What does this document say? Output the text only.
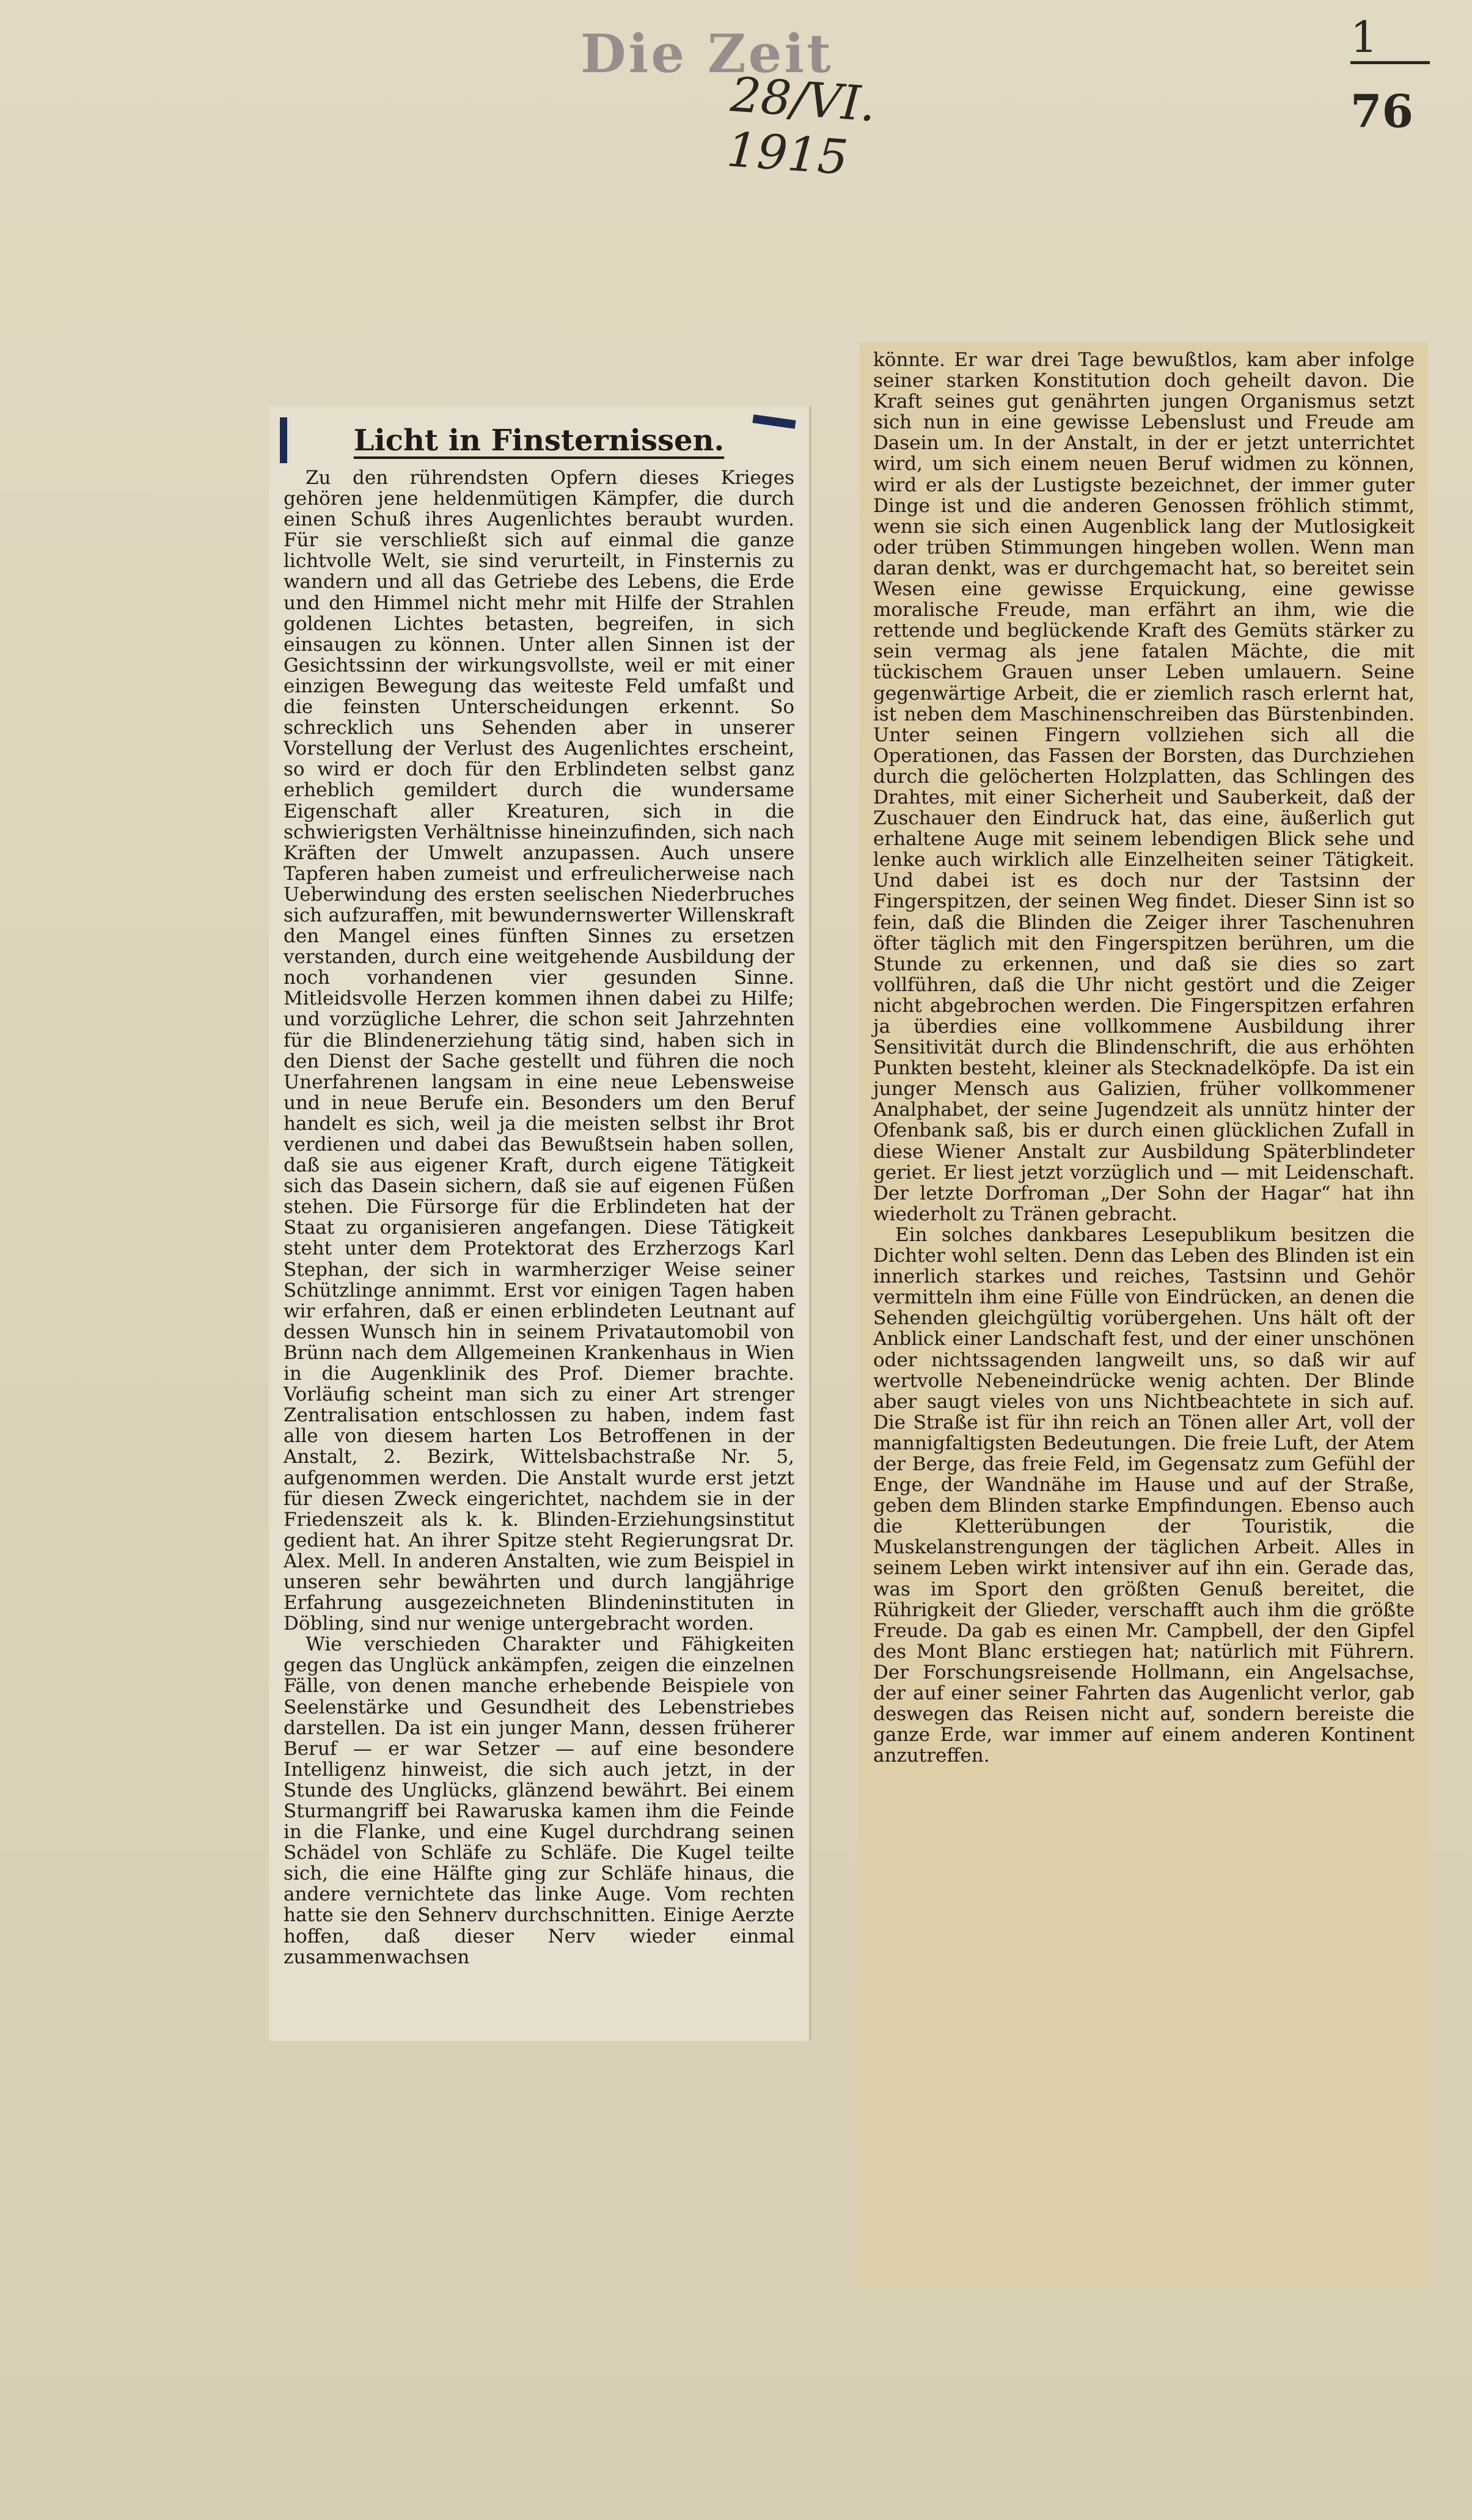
1
Die Zeit
28/VI. 1915
76
Licht in Finsternissen.

Zu den rührendsten Opfern dieses Krieges gehören jene heldenmütigen Kämpfer, die durch einen Schuß ihres Augenlichtes beraubt wurden. Für sie verschließt sich auf einmal die ganze lichtvolle Welt, sie sind verurteilt, in Finsternis zu wandern und all das Getriebe des Lebens, die Erde und den Himmel nicht mehr mit Hilfe der Strahlen goldenen Lichtes betasten, begreifen, in sich einsaugen zu können. Unter allen Sinnen ist der Gesichtssinn der wirkungsvollste, weil er mit einer einzigen Bewegung das weiteste Feld umfaßt und die feinsten Unterscheidungen erkennt. So schrecklich uns Sehenden aber in unserer Vorstellung der Verlust des Augenlichtes erscheint, so wird er doch für den Erblindeten selbst ganz erheblich gemildert durch die wundersame Eigenschaft aller Kreaturen, sich in die schwierigsten Verhältnisse hineinzufinden, sich nach Kräften der Umwelt anzupassen. Auch unsere Tapferen haben zumeist und erfreulicherweise nach Ueberwindung des ersten seelischen Niederbruches sich aufzuraffen, mit bewundernswerter Willenskraft den Mangel eines fünften Sinnes zu ersetzen verstanden, durch eine weitgehende Ausbildung der noch vorhandenen vier gesunden Sinne. Mitleidsvolle Herzen kommen ihnen dabei zu Hilfe; und vorzügliche Lehrer, die schon seit Jahrzehnten für die Blindenerziehung tätig sind, haben sich in den Dienst der Sache gestellt und führen die noch Unerfahrenen langsam in eine neue Lebensweise und in neue Berufe ein. Besonders um den Beruf handelt es sich, weil ja die meisten selbst ihr Brot verdienen und dabei das Bewußtsein haben sollen, daß sie aus eigener Kraft, durch eigene Tätigkeit sich das Dasein sichern, daß sie auf eigenen Füßen stehen. Die Fürsorge für die Erblindeten hat der Staat zu organisieren angefangen. Diese Tätigkeit steht unter dem Protektorat des Erzherzogs Karl Stephan, der sich in warmherziger Weise seiner Schützlinge annimmt. Erst vor einigen Tagen haben wir erfahren, daß er einen erblindeten Leutnant auf dessen Wunsch hin in seinem Privatautomobil von Brünn nach dem Allgemeinen Krankenhaus in Wien in die Augenklinik des Prof. Diemer brachte. Vorläufig scheint man sich zu einer Art strenger Zentralisation entschlossen zu haben, indem fast alle von diesem harten Los Betroffenen in der Anstalt, 2. Bezirk, Wittelsbachstraße Nr. 5, aufgenommen werden. Die Anstalt wurde erst jetzt für diesen Zweck eingerichtet, nachdem sie in der Friedenszeit als k. k. Blinden-Erziehungsinstitut gedient hat. An ihrer Spitze steht Regierungsrat Dr. Alex. Mell. In anderen Anstalten, wie zum Beispiel in unseren sehr bewährten und durch langjährige Erfahrung ausgezeichneten Blindeninstituten in Döbling, sind nur wenige untergebracht worden.

Wie verschieden Charakter und Fähigkeiten gegen das Unglück ankämpfen, zeigen die einzelnen Fälle, von denen manche erhebende Beispiele von Seelenstärke und Gesundheit des Lebenstriebes darstellen. Da ist ein junger Mann, dessen früherer Beruf — er war Setzer — auf eine besondere Intelligenz hinweist, die sich auch jetzt, in der Stunde des Unglücks, glänzend bewährt. Bei einem Sturmangriff bei Rawaruska kamen ihm die Feinde in die Flanke, und eine Kugel durchdrang seinen Schädel von Schläfe zu Schläfe. Die Kugel teilte sich, die eine Hälfte ging zur Schläfe hinaus, die andere vernichtete das linke Auge. Vom rechten hatte sie den Sehnerv durchschnitten. Einige Aerzte hoffen, daß dieser Nerv wieder einmal zusammenwachsen

könnte. Er war drei Tage bewußtlos, kam aber infolge seiner starken Konstitution doch geheilt davon. Die Kraft seines gut genährten jungen Organismus setzt sich nun in eine gewisse Lebenslust und Freude am Dasein um. In der Anstalt, in der er jetzt unterrichtet wird, um sich einem neuen Beruf widmen zu können, wird er als der Lustigste bezeichnet, der immer guter Dinge ist und die anderen Genossen fröhlich stimmt, wenn sie sich einen Augenblick lang der Mutlosigkeit oder trüben Stimmungen hingeben wollen. Wenn man daran denkt, was er durchgemacht hat, so bereitet sein Wesen eine gewisse Erquickung, eine gewisse moralische Freude, man erfährt an ihm, wie die rettende und beglückende Kraft des Gemüts stärker zu sein vermag als jene fatalen Mächte, die mit tückischem Grauen unser Leben umlauern. Seine gegenwärtige Arbeit, die er ziemlich rasch erlernt hat, ist neben dem Maschinenschreiben das Bürstenbinden. Unter seinen Fingern vollziehen sich all die Operationen, das Fassen der Borsten, das Durchziehen durch die gelöcherten Holzplatten, das Schlingen des Drahtes, mit einer Sicherheit und Sauberkeit, daß der Zuschauer den Eindruck hat, das eine, äußerlich gut erhaltene Auge mit seinem lebendigen Blick sehe und lenke auch wirklich alle Einzelheiten seiner Tätigkeit. Und dabei ist es doch nur der Tastsinn der Fingerspitzen, der seinen Weg findet. Dieser Sinn ist so fein, daß die Blinden die Zeiger ihrer Taschenuhren öfter täglich mit den Fingerspitzen berühren, um die Stunde zu erkennen, und daß sie dies so zart vollführen, daß die Uhr nicht gestört und die Zeiger nicht abgebrochen werden. Die Fingerspitzen erfahren ja überdies eine vollkommene Ausbildung ihrer Sensitivität durch die Blindenschrift, die aus erhöhten Punkten besteht, kleiner als Stecknadelköpfe. Da ist ein junger Mensch aus Galizien, früher vollkommener Analphabet, der seine Jugendzeit als unnütz hinter der Ofenbank saß, bis er durch einen glücklichen Zufall in diese Wiener Anstalt zur Ausbildung Späterblindeter geriet. Er liest jetzt vorzüglich und — mit Leidenschaft. Der letzte Dorfroman „Der Sohn der Hagar“ hat ihn wiederholt zu Tränen gebracht.

Ein solches dankbares Lesepublikum besitzen die Dichter wohl selten. Denn das Leben des Blinden ist ein innerlich starkes und reiches, Tastsinn und Gehör vermitteln ihm eine Fülle von Eindrücken, an denen die Sehenden gleichgültig vorübergehen. Uns hält oft der Anblick einer Landschaft fest, und der einer unschönen oder nichtssagenden langweilt uns, so daß wir auf wertvolle Nebeneindrücke wenig achten. Der Blinde aber saugt vieles von uns Nichtbeachtete in sich auf. Die Straße ist für ihn reich an Tönen aller Art, voll der mannigfaltigsten Bedeutungen. Die freie Luft, der Atem der Berge, das freie Feld, im Gegensatz zum Gefühl der Enge, der Wandnähe im Hause und auf der Straße, geben dem Blinden starke Empfindungen. Ebenso auch die Kletterübungen der Touristik, die Muskelanstrengungen der täglichen Arbeit. Alles in seinem Leben wirkt intensiver auf ihn ein. Gerade das, was im Sport den größten Genuß bereitet, die Rührigkeit der Glieder, verschafft auch ihm die größte Freude. Da gab es einen Mr. Campbell, der den Gipfel des Mont Blanc erstiegen hat; natürlich mit Führern. Der Forschungsreisende Hollmann, ein Angelsachse, der auf einer seiner Fahrten das Augenlicht verlor, gab deswegen das Reisen nicht auf, sondern bereiste die ganze Erde, war immer auf einem anderen Kontinent anzutreffen.
